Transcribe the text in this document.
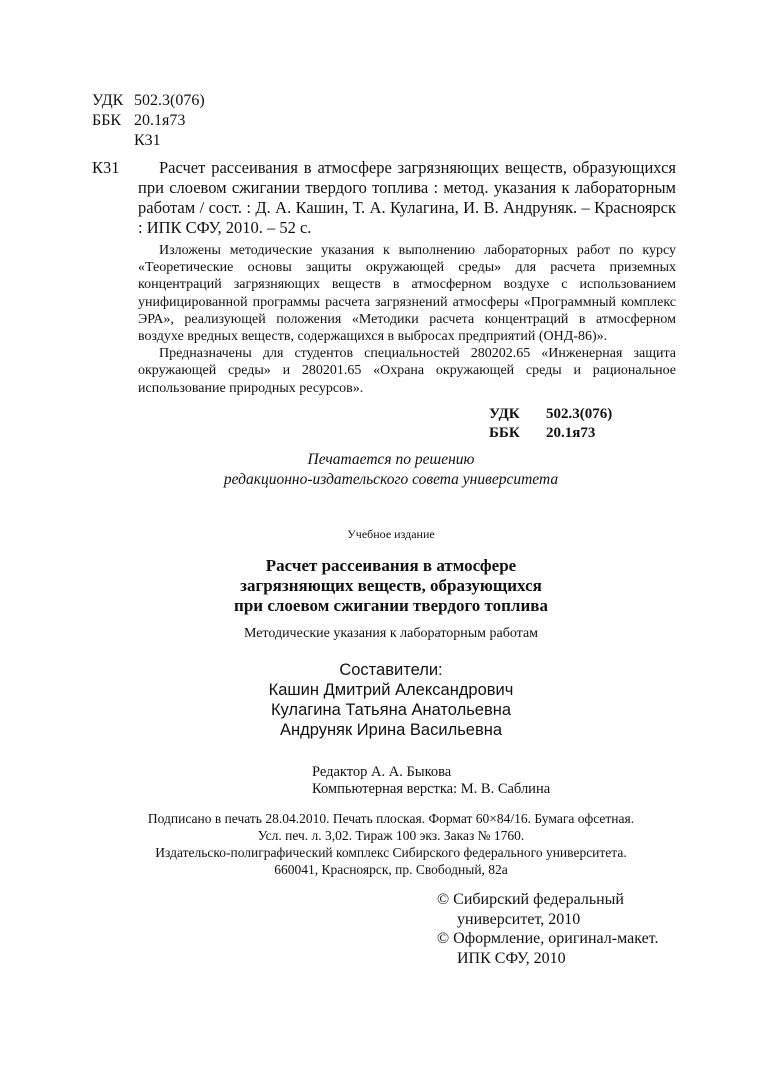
УДК 502.3(076)
ББК 20.1я73
К31
К31	Расчет рассеивания в атмосфере загрязняющих веществ, образующихся при слоевом сжигании твердого топлива : метод. указания к лабораторным работам / сост. : Д. А. Кашин, Т. А. Кулагина, И. В. Андруняк. – Красноярск : ИПК СФУ, 2010. – 52 с.

Изложены методические указания к выполнению лабораторных работ по курсу «Теоретические основы защиты окружающей среды» для расчета приземных концентраций загрязняющих веществ в атмосферном воздухе с использованием унифицированной программы расчета загрязнений атмосферы «Программный комплекс ЭРА», реализующей положения «Методики расчета концентраций в атмосферном воздухе вредных веществ, содержащихся в выбросах предприятий (ОНД-86)».

Предназначены для студентов специальностей 280202.65 «Инженерная защита окружающей среды» и 280201.65 «Охрана окружающей среды и рациональное использование природных ресурсов».

УДК 502.3(076)
ББК 20.1я73
Печатается по решению
редакционно-издательского совета университета
Учебное издание
Расчет рассеивания в атмосфере
загрязняющих веществ, образующихся
при слоевом сжигании твердого топлива
Методические указания к лабораторным работам
Составители:
Кашин Дмитрий Александрович
Кулагина Татьяна Анатольевна
Андруняк Ирина Васильевна
Редактор А. А. Быкова
Компьютерная верстка: М. В. Саблина
Подписано в печать 28.04.2010. Печать плоская. Формат 60×84/16. Бумага офсетная.
Усл. печ. л. 3,02. Тираж 100 экз. Заказ № 1760.
Издательско-полиграфический комплекс Сибирского федерального университета.
660041, Красноярск, пр. Свободный, 82а
© Сибирский федеральный
университет, 2010
© Оформление, оригинал-макет.
ИПК СФУ, 2010
